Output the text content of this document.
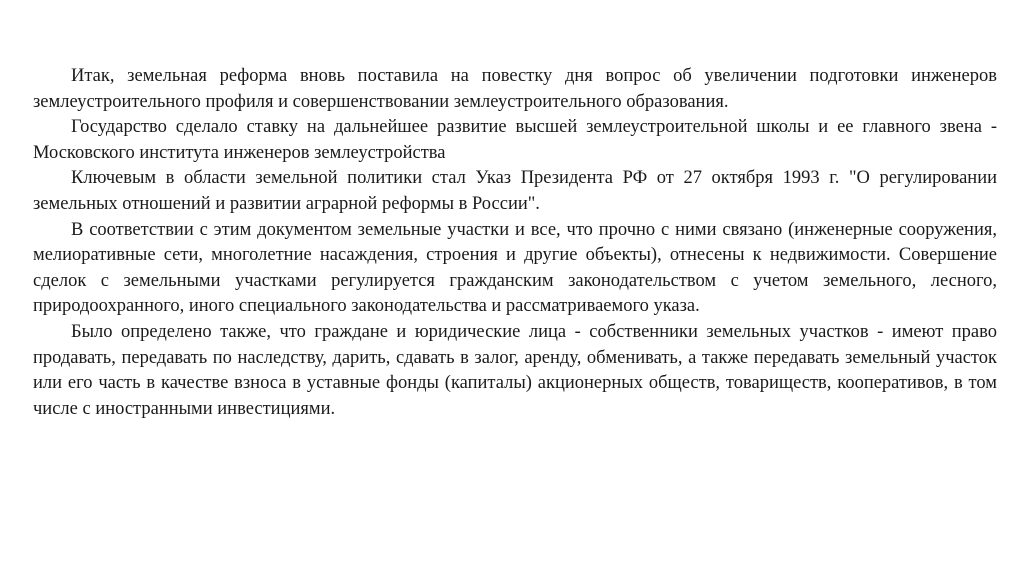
Итак, земельная реформа вновь поставила на повестку дня вопрос об увеличении подготовки инженеров землеустроительного профиля и совершенствовании землеустроительного образования.

Государство сделало ставку на дальнейшее развитие высшей землеустроительной школы и ее главного звена - Московского института инженеров землеустройства

Ключевым в области земельной политики стал Указ Президента РФ от 27 октября 1993 г. "О регулировании земельных отношений и развитии аграрной реформы в России".

В соответствии с этим документом земельные участки и все, что прочно с ними связано (инженерные сооружения, мелиоративные сети, многолетние насаждения, строения и другие объекты), отнесены к недвижимости. Совершение сделок с земельными участками регулируется гражданским законодательством с учетом земельного, лесного, природоохранного, иного специального законодательства и рассматриваемого указа.

Было определено также, что граждане и юридические лица - собственники земельных участков - имеют право продавать, передавать по наследству, дарить, сдавать в залог, аренду, обменивать, а также передавать земельный участок или его часть в качестве взноса в уставные фонды (капиталы) акционерных обществ, товариществ, кооперативов, в том числе с иностранными инвестициями.
